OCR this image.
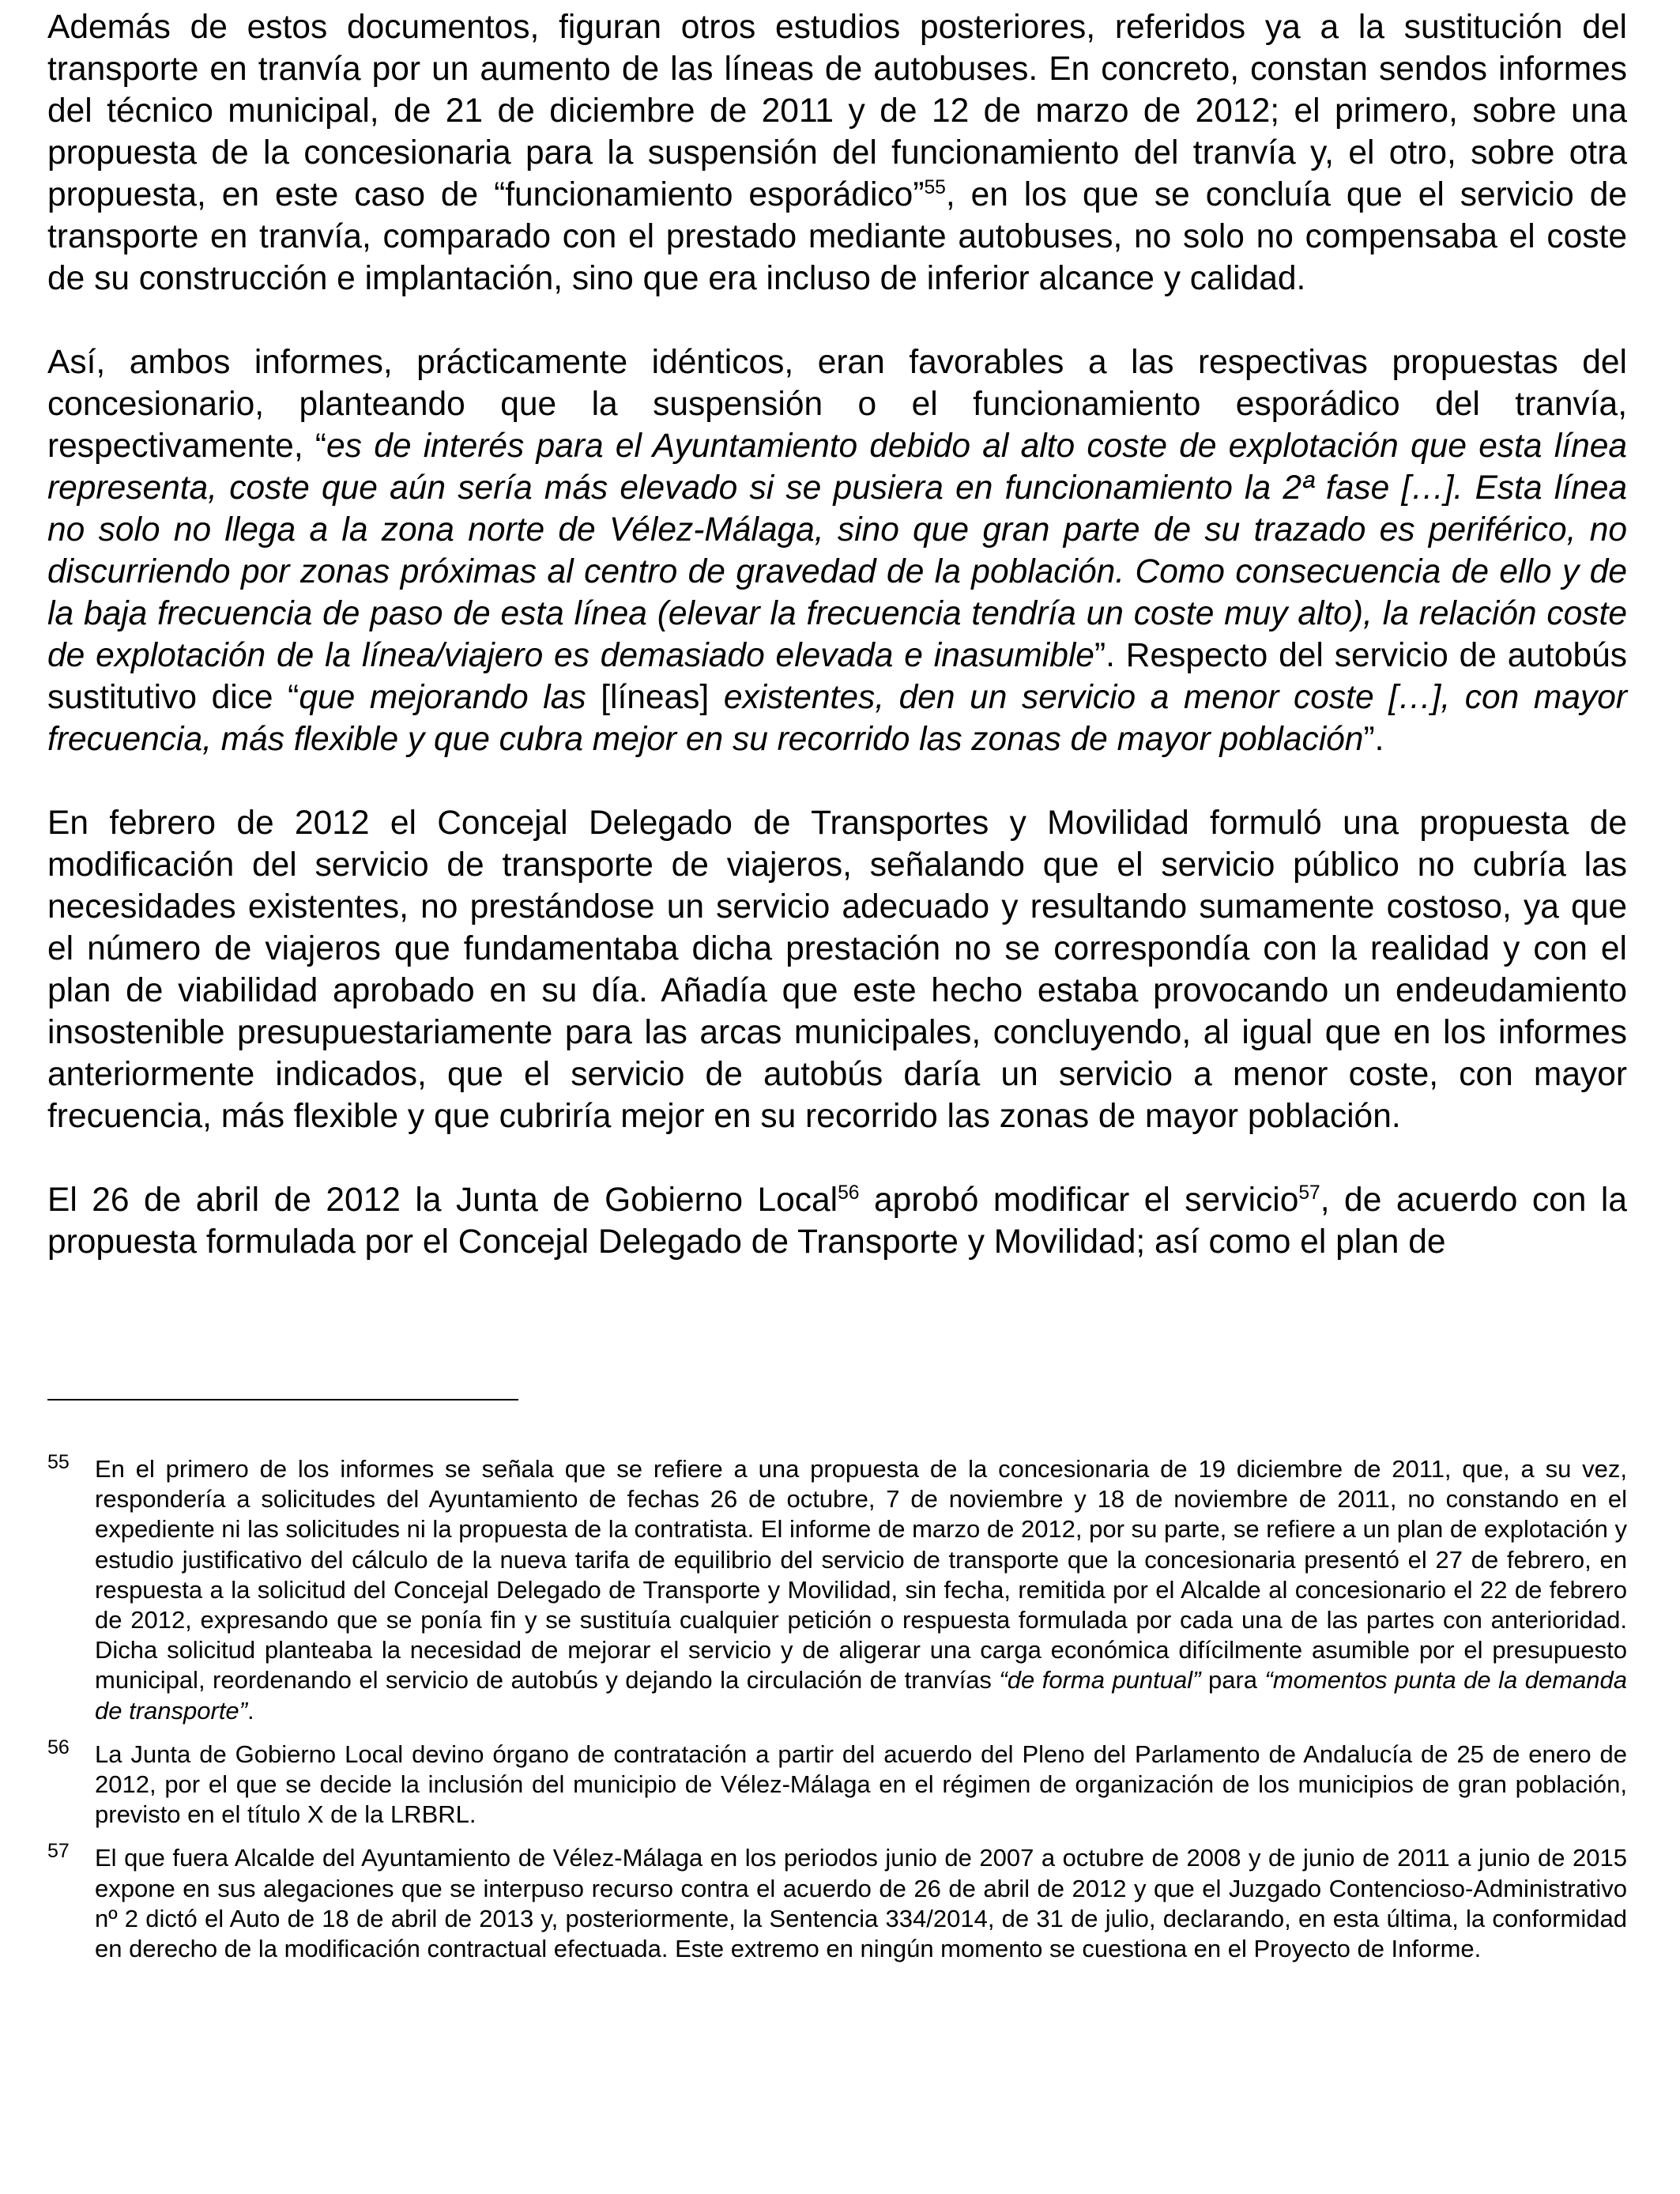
Además de estos documentos, figuran otros estudios posteriores, referidos ya a la sustitución del transporte en tranvía por un aumento de las líneas de autobuses. En concreto, constan sendos informes del técnico municipal, de 21 de diciembre de 2011 y de 12 de marzo de 2012; el primero, sobre una propuesta de la concesionaria para la suspensión del funcionamiento del tranvía y, el otro, sobre otra propuesta, en este caso de “funcionamiento esporádico”$^{55}$, en los que se concluía que el servicio de transporte en tranvía, comparado con el prestado mediante autobuses, no solo no compensaba el coste de su construcción e implantación, sino que era incluso de inferior alcance y calidad.

Así, ambos informes, prácticamente idénticos, eran favorables a las respectivas propuestas del concesionario, planteando que la suspensión o el funcionamiento esporádico del tranvía, respectivamente, “es de interés para el Ayuntamiento debido al alto coste de explotación que esta línea representa, coste que aún sería más elevado si se pusiera en funcionamiento la 2ª fase […]. Esta línea no solo no llega a la zona norte de Vélez-Málaga, sino que gran parte de su trazado es periférico, no discurriendo por zonas próximas al centro de gravedad de la población. Como consecuencia de ello y de la baja frecuencia de paso de esta línea (elevar la frecuencia tendría un coste muy alto), la relación coste de explotación de la línea/viajero es demasiado elevada e inasumible”. Respecto del servicio de autobús sustitutivo dice “que mejorando las [líneas] existentes, den un servicio a menor coste […], con mayor frecuencia, más flexible y que cubra mejor en su recorrido las zonas de mayor población”.

En febrero de 2012 el Concejal Delegado de Transportes y Movilidad formuló una propuesta de modificación del servicio de transporte de viajeros, señalando que el servicio público no cubría las necesidades existentes, no prestándose un servicio adecuado y resultando sumamente costoso, ya que el número de viajeros que fundamentaba dicha prestación no se correspondía con la realidad y con el plan de viabilidad aprobado en su día. Añadía que este hecho estaba provocando un endeudamiento insostenible presupuestariamente para las arcas municipales, concluyendo, al igual que en los informes anteriormente indicados, que el servicio de autobús daría un servicio a menor coste, con mayor frecuencia, más flexible y que cubriría mejor en su recorrido las zonas de mayor población.

El 26 de abril de 2012 la Junta de Gobierno Local$^{56}$ aprobó modificar el servicio$^{57}$, de acuerdo con la propuesta formulada por el Concejal Delegado de Transporte y Movilidad; así como el plan de

55 En el primero de los informes se señala que se refiere a una propuesta de la concesionaria de 19 diciembre de 2011, que, a su vez, respondería a solicitudes del Ayuntamiento de fechas 26 de octubre, 7 de noviembre y 18 de noviembre de 2011, no constando en el expediente ni las solicitudes ni la propuesta de la contratista. El informe de marzo de 2012, por su parte, se refiere a un plan de explotación y estudio justificativo del cálculo de la nueva tarifa de equilibrio del servicio de transporte que la concesionaria presentó el 27 de febrero, en respuesta a la solicitud del Concejal Delegado de Transporte y Movilidad, sin fecha, remitida por el Alcalde al concesionario el 22 de febrero de 2012, expresando que se ponía fin y se sustituía cualquier petición o respuesta formulada por cada una de las partes con anterioridad. Dicha solicitud planteaba la necesidad de mejorar el servicio y de aligerar una carga económica difícilmente asumible por el presupuesto municipal, reordenando el servicio de autobús y dejando la circulación de tranvías “de forma puntual” para “momentos punta de la demanda de transporte”.
56 La Junta de Gobierno Local devino órgano de contratación a partir del acuerdo del Pleno del Parlamento de Andalucía de 25 de enero de 2012, por el que se decide la inclusión del municipio de Vélez-Málaga en el régimen de organización de los municipios de gran población, previsto en el título X de la LRBRL.
57 El que fuera Alcalde del Ayuntamiento de Vélez-Málaga en los periodos junio de 2007 a octubre de 2008 y de junio de 2011 a junio de 2015 expone en sus alegaciones que se interpuso recurso contra el acuerdo de 26 de abril de 2012 y que el Juzgado Contencioso-Administrativo nº 2 dictó el Auto de 18 de abril de 2013 y, posteriormente, la Sentencia 334/2014, de 31 de julio, declarando, en esta última, la conformidad en derecho de la modificación contractual efectuada. Este extremo en ningún momento se cuestiona en el Proyecto de Informe.
